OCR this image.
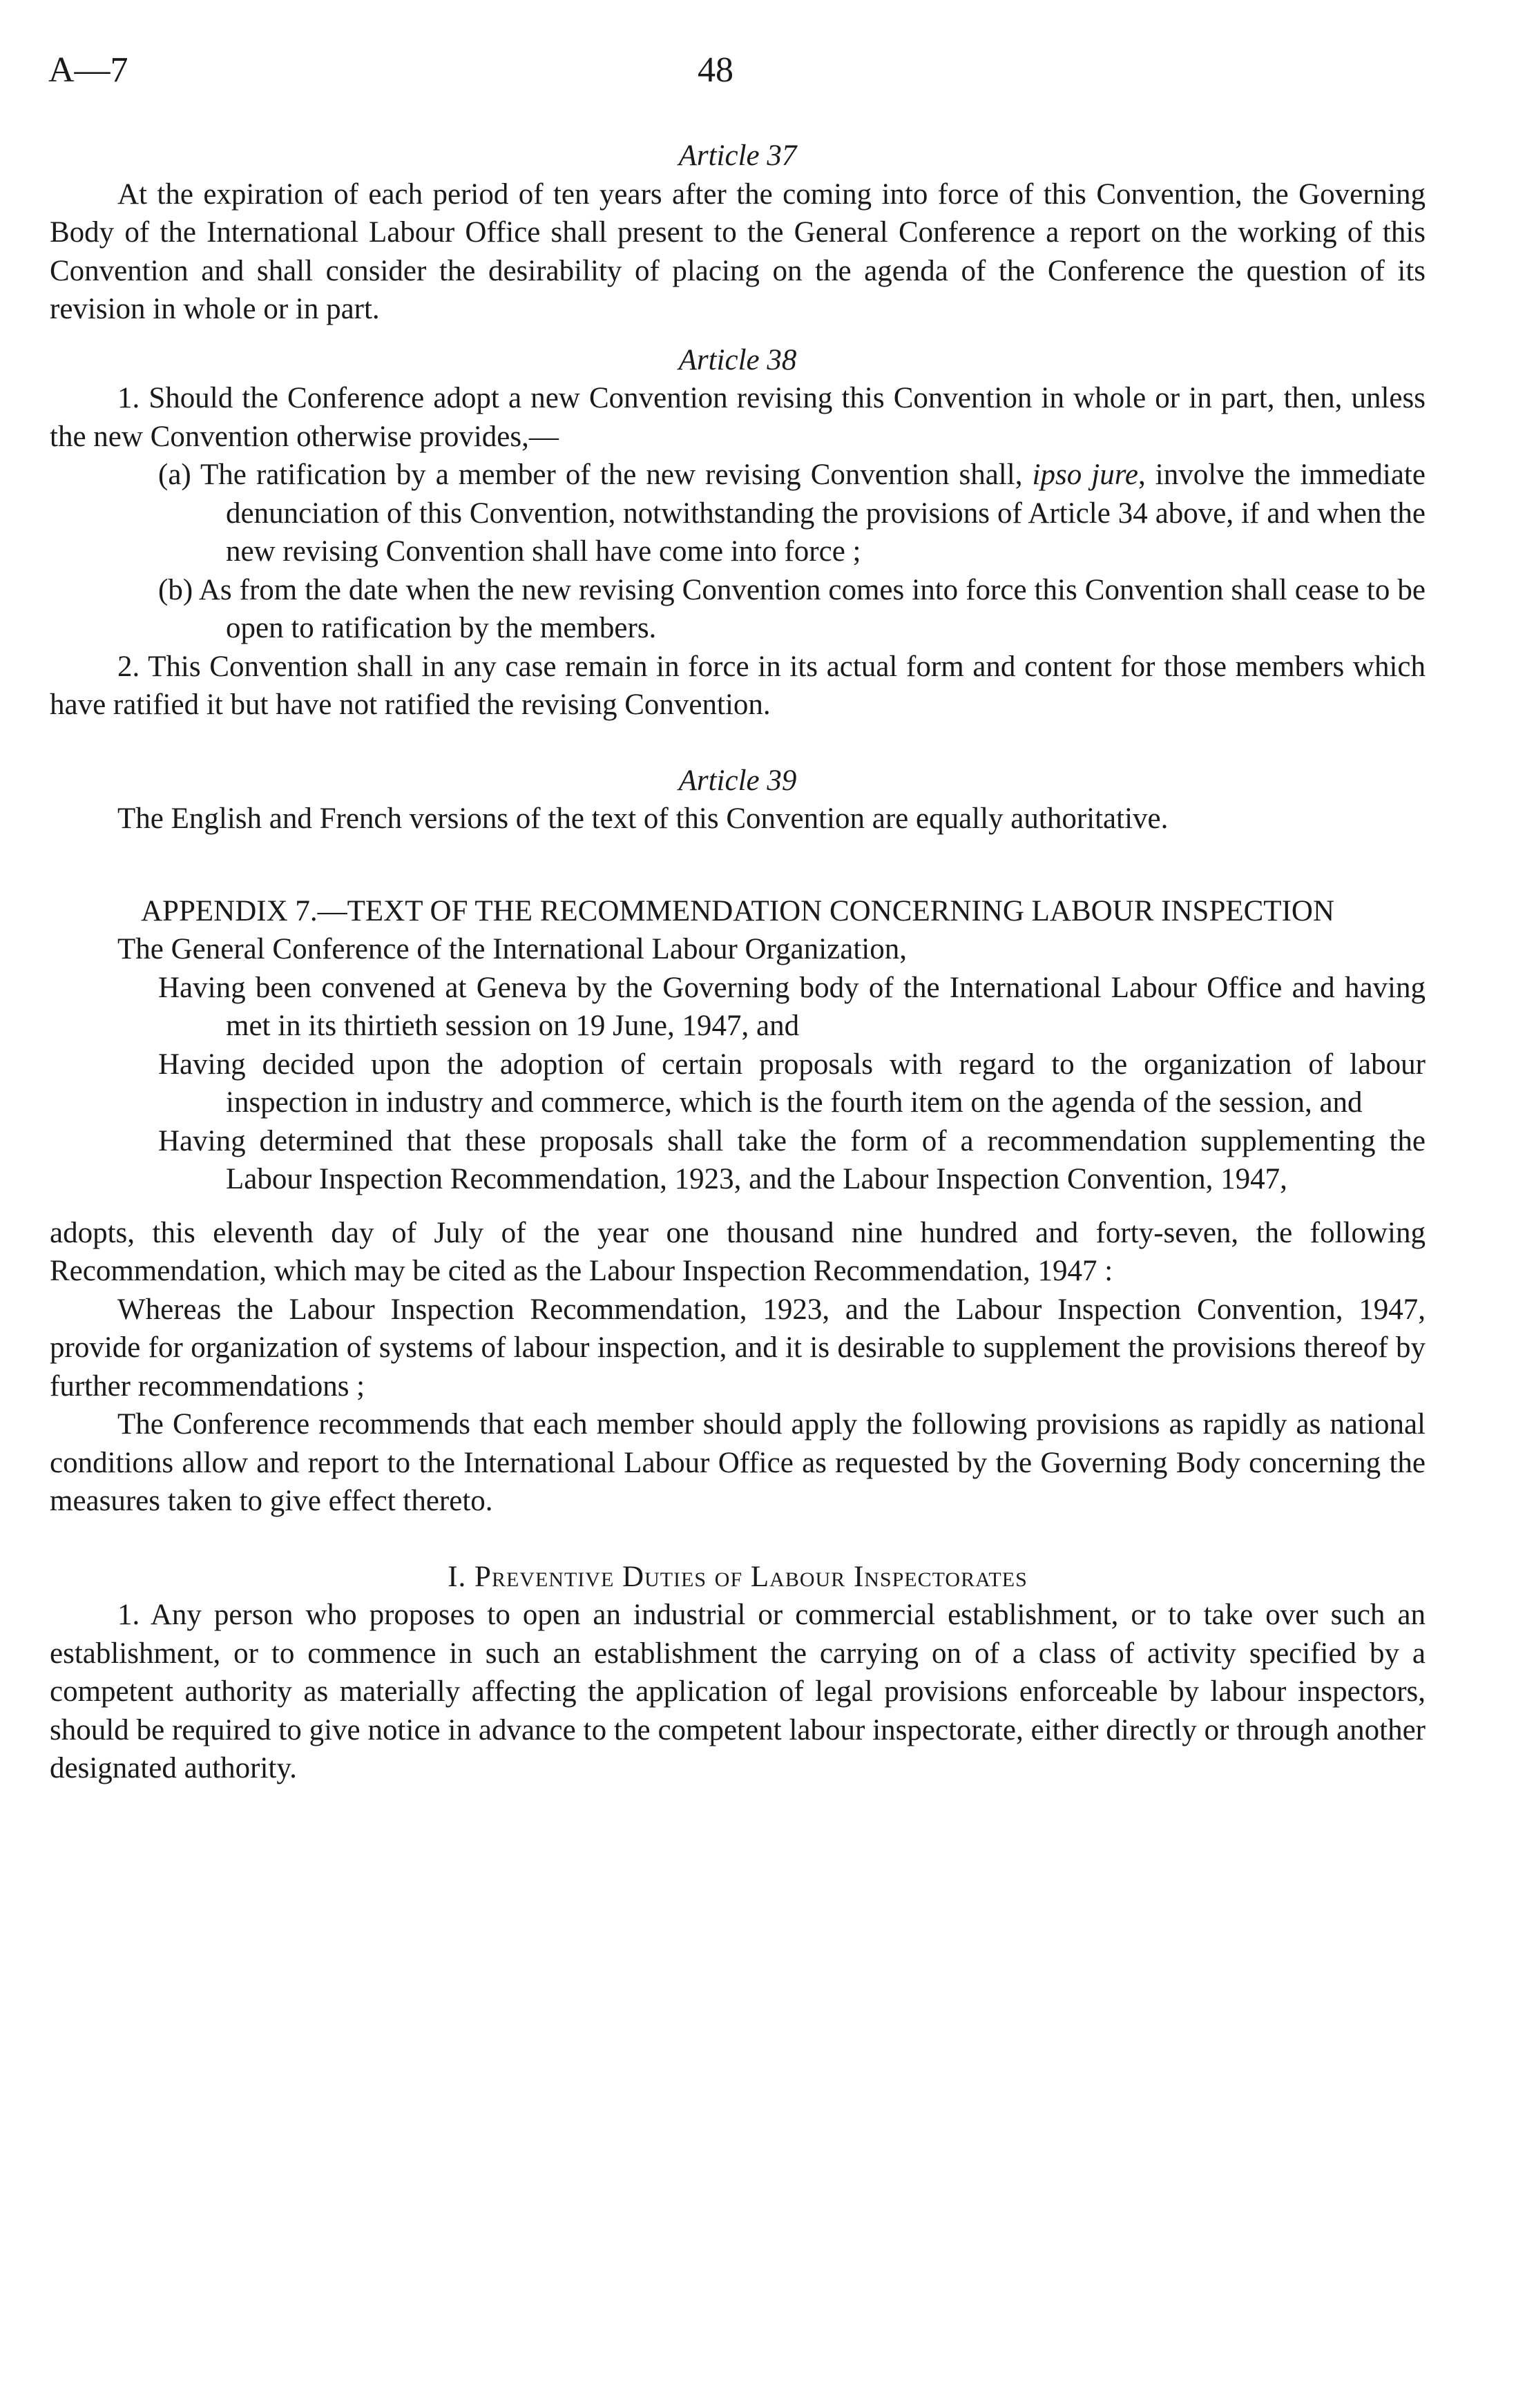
A—7	48

Article 37

At the expiration of each period of ten years after the coming into force of this Convention, the Governing Body of the International Labour Office shall present to the General Conference a report on the working of this Convention and shall consider the desirability of placing on the agenda of the Conference the question of its revision in whole or in part.

Article 38

1. Should the Conference adopt a new Convention revising this Convention in whole or in part, then, unless the new Convention otherwise provides,—

(a) The ratification by a member of the new revising Convention shall, ipso jure, involve the immediate denunciation of this Convention, notwithstanding the provisions of Article 34 above, if and when the new revising Convention shall have come into force ;

(b) As from the date when the new revising Convention comes into force this Convention shall cease to be open to ratification by the members.

2. This Convention shall in any case remain in force in its actual form and content for those members which have ratified it but have not ratified the revising Convention.

Article 39

The English and French versions of the text of this Convention are equally authoritative.

APPENDIX 7.—TEXT OF THE RECOMMENDATION CONCERNING LABOUR INSPECTION

The General Conference of the International Labour Organization,

Having been convened at Geneva by the Governing body of the International Labour Office and having met in its thirtieth session on 19 June, 1947, and

Having decided upon the adoption of certain proposals with regard to the organization of labour inspection in industry and commerce, which is the fourth item on the agenda of the session, and

Having determined that these proposals shall take the form of a recommendation supplementing the Labour Inspection Recommendation, 1923, and the Labour Inspection Convention, 1947,

adopts, this eleventh day of July of the year one thousand nine hundred and forty-seven, the following Recommendation, which may be cited as the Labour Inspection Recommendation, 1947 :

Whereas the Labour Inspection Recommendation, 1923, and the Labour Inspection Convention, 1947, provide for organization of systems of labour inspection, and it is desirable to supplement the provisions thereof by further recommendations ;

The Conference recommends that each member should apply the following provisions as rapidly as national conditions allow and report to the International Labour Office as requested by the Governing Body concerning the measures taken to give effect thereto.

I. Preventive Duties of Labour Inspectorates

1. Any person who proposes to open an industrial or commercial establishment, or to take over such an establishment, or to commence in such an establishment the carrying on of a class of activity specified by a competent authority as materially affecting the application of legal provisions enforceable by labour inspectors, should be required to give notice in advance to the competent labour inspectorate, either directly or through another designated authority.
